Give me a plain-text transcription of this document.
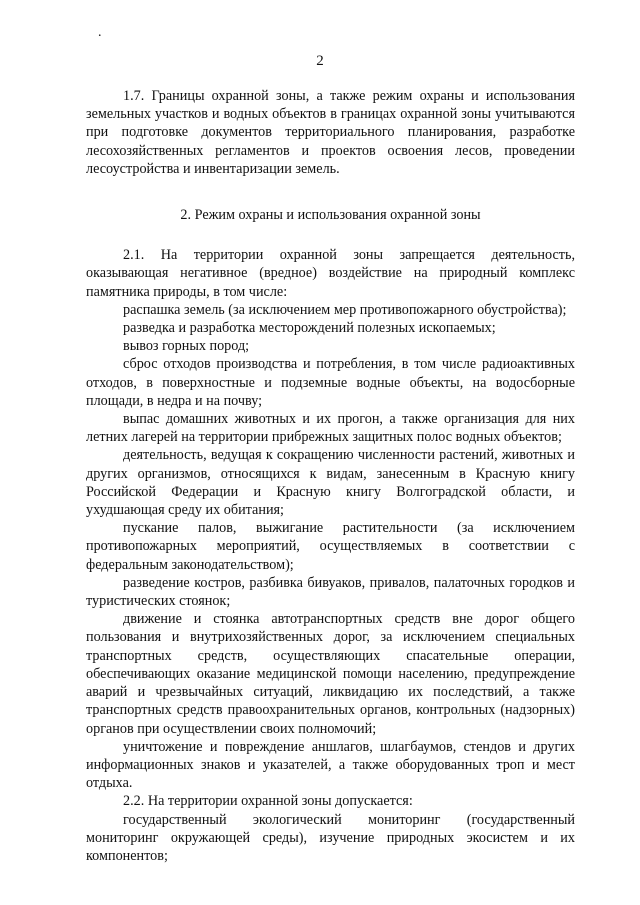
.
2

1.7. Границы охранной зоны, а также режим охраны и использования земельных участков и водных объектов в границах охранной зоны учитываются при подготовке документов территориального планирования, разработке лесохозяйственных регламентов и проектов освоения лесов, проведении лесоустройства и инвентаризации земель.

2. Режим охраны и использования охранной зоны

2.1. На территории охранной зоны запрещается деятельность, оказывающая негативное (вредное) воздействие на природный комплекс памятника природы, в том числе:

распашка земель (за исключением мер противопожарного обустройства);

разведка и разработка месторождений полезных ископаемых;

вывоз горных пород;

сброс отходов производства и потребления, в том числе радиоактивных отходов, в поверхностные и подземные водные объекты, на водосборные площади, в недра и на почву;

выпас домашних животных и их прогон, а также организация для них летних лагерей на территории прибрежных защитных полос водных объектов;

деятельность, ведущая к сокращению численности растений, животных и других организмов, относящихся к видам, занесенным в Красную книгу Российской Федерации и Красную книгу Волгоградской области, и ухудшающая среду их обитания;

пускание палов, выжигание растительности (за исключением противопожарных мероприятий, осуществляемых в соответствии с федеральным законодательством);

разведение костров, разбивка бивуаков, привалов, палаточных городков и туристических стоянок;

движение и стоянка автотранспортных средств вне дорог общего пользования и внутрихозяйственных дорог, за исключением специальных транспортных средств, осуществляющих спасательные операции, обеспечивающих оказание медицинской помощи населению, предупреждение аварий и чрезвычайных ситуаций, ликвидацию их последствий, а также транспортных средств правоохранительных органов, контрольных (надзорных) органов при осуществлении своих полномочий;

уничтожение и повреждение аншлагов, шлагбаумов, стендов и других информационных знаков и указателей, а также оборудованных троп и мест отдыха.

2.2. На территории охранной зоны допускается:

государственный экологический мониторинг (государственный мониторинг окружающей среды), изучение природных экосистем и их компонентов;
